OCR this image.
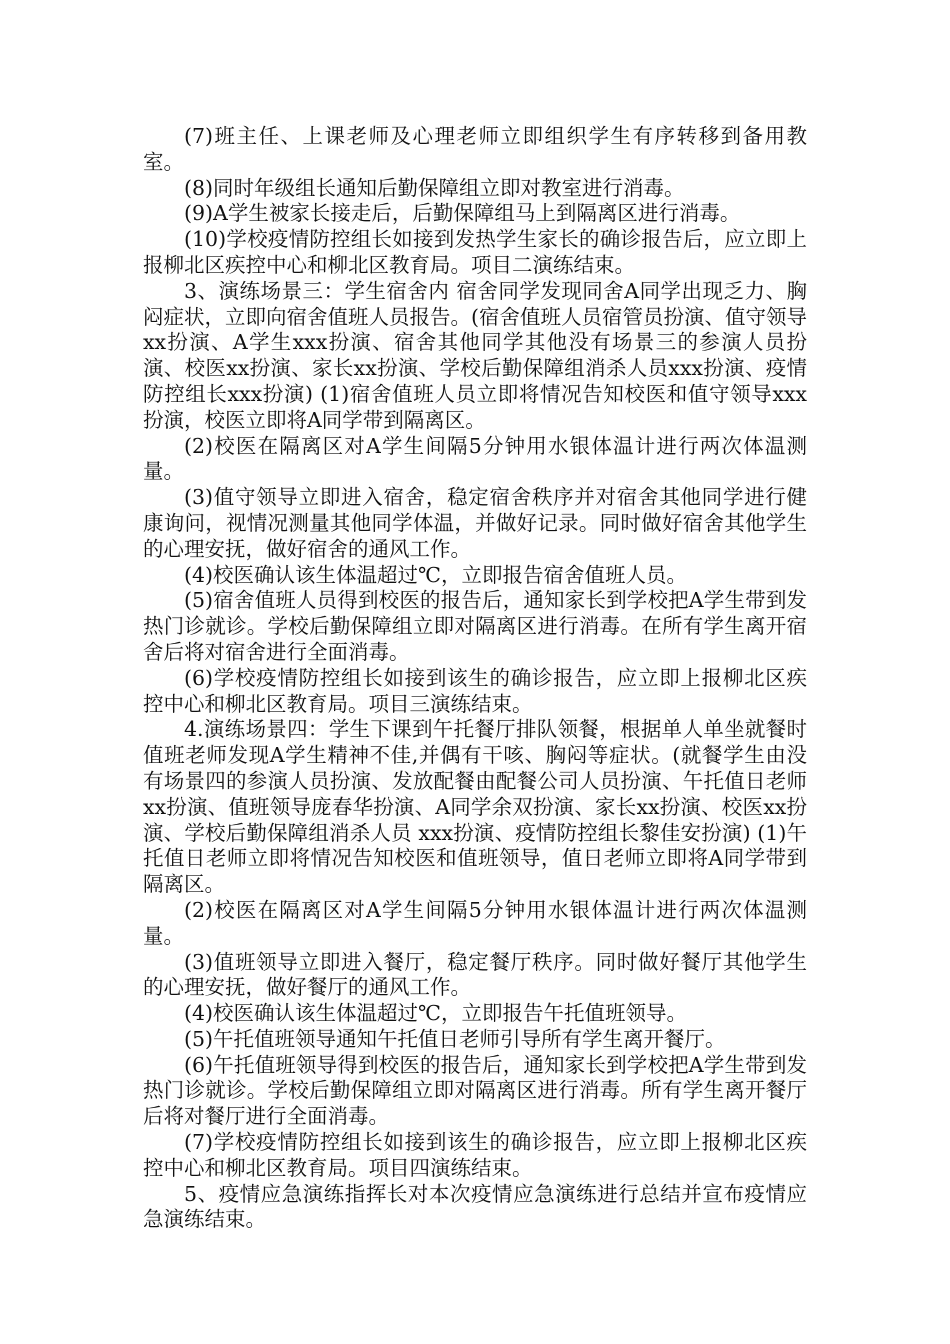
(7)班主任、上课老师及心理老师立即组织学生有序转移到备用教室。

(8)同时年级组长通知后勤保障组立即对教室进行消毒。

(9)A学生被家长接走后，后勤保障组马上到隔离区进行消毒。

(10)学校疫情防控组长如接到发热学生家长的确诊报告后，应立即上报柳北区疾控中心和柳北区教育局。项目二演练结束。

3、演练场景三：学生宿舍内 宿舍同学发现同舍A同学出现乏力、胸闷症状，立即向宿舍值班人员报告。(宿舍值班人员宿管员扮演、值守领导 xx扮演、A学生xxx扮演、宿舍其他同学其他没有场景三的参演人员扮演、校医xx扮演、家长xx扮演、学校后勤保障组消杀人员xxx扮演、疫情防控组长xxx扮演) (1)宿舍值班人员立即将情况告知校医和值守领导xxx扮演，校医立即将A同学带到隔离区。

(2)校医在隔离区对A学生间隔5分钟用水银体温计进行两次体温测量。

(3)值守领导立即进入宿舍，稳定宿舍秩序并对宿舍其他同学进行健康询问，视情况测量其他同学体温，并做好记录。同时做好宿舍其他学生的心理安抚，做好宿舍的通风工作。

(4)校医确认该生体温超过℃，立即报告宿舍值班人员。

(5)宿舍值班人员得到校医的报告后，通知家长到学校把A学生带到发热门诊就诊。学校后勤保障组立即对隔离区进行消毒。在所有学生离开宿舍后将对宿舍进行全面消毒。

(6)学校疫情防控组长如接到该生的确诊报告，应立即上报柳北区疾控中心和柳北区教育局。项目三演练结束。

4.演练场景四：学生下课到午托餐厅排队领餐，根据单人单坐就餐时值班老师发现A学生精神不佳,并偶有干咳、胸闷等症状。(就餐学生由没有场景四的参演人员扮演、发放配餐由配餐公司人员扮演、午托值日老师 xx扮演、值班领导庞春华扮演、A同学余双扮演、家长xx扮演、校医xx扮演、学校后勤保障组消杀人员 xxx扮演、疫情防控组长黎佳安扮演) (1)午托值日老师立即将情况告知校医和值班领导，值日老师立即将A同学带到隔离区。

(2)校医在隔离区对A学生间隔5分钟用水银体温计进行两次体温测量。

(3)值班领导立即进入餐厅，稳定餐厅秩序。同时做好餐厅其他学生的心理安抚，做好餐厅的通风工作。

(4)校医确认该生体温超过℃，立即报告午托值班领导。

(5)午托值班领导通知午托值日老师引导所有学生离开餐厅。

(6)午托值班领导得到校医的报告后，通知家长到学校把A学生带到发热门诊就诊。学校后勤保障组立即对隔离区进行消毒。所有学生离开餐厅后将对餐厅进行全面消毒。

(7)学校疫情防控组长如接到该生的确诊报告，应立即上报柳北区疾控中心和柳北区教育局。项目四演练结束。

5、疫情应急演练指挥长对本次疫情应急演练进行总结并宣布疫情应急演练结束。
